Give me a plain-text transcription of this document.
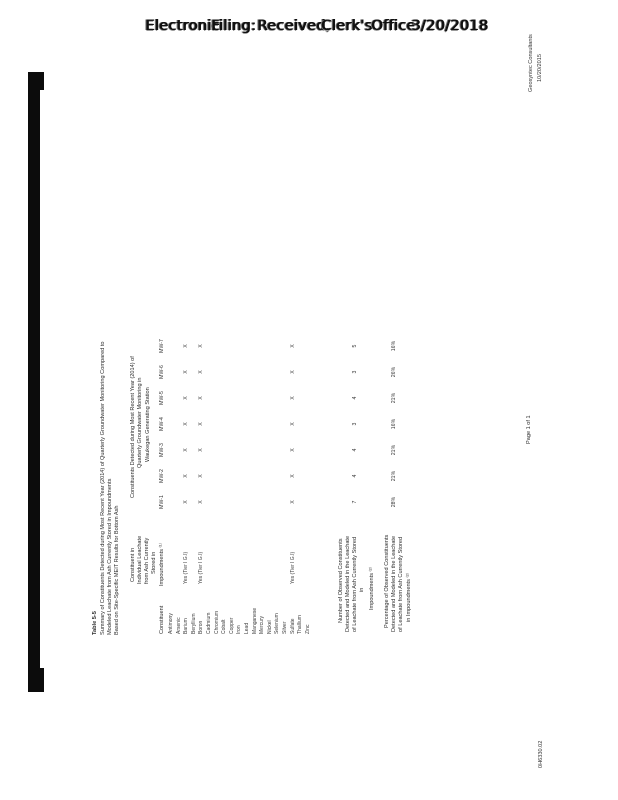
Electronic
Filing: Received,
Clerk's
Office
3/20/2018
Table 5-5 Summary of Constituents Detected during Most Recent Year (2014) of Quarterly Groundwater Monitoring Compared to Modeled Leachate from Ash Currently Stored in Impoundments Based on Site-Specific MEIT Results for Bottom Ash Constituent in Individual Leachate from Ash Currently Stored in Impoundments ⁽¹⁾
Constituents Detected during Most Recent Year (2014) of Quarterly Groundwater Monitoring in Waukegan Generating Station
Constituent
MW-1
MW-2
MW-3
MW-4
MW-5
MW-6
MW-7
Antimony Arsenic Barium
Yes (Tier I G.I)
X
X
X
X
X
X
X
Beryllium Boron
Yes (Tier I G.I)
X
X
X
X
X
X
X
Cadmium Chromium Cobalt Copper Iron Lead Manganese Mercury Nickel Selenium Silver Sulfate
Yes (Tier I G.I)
X
X
X
X
X
X
X
Thallium Zinc
Number of Observed Constituents Detected and Modeled in the Leachate of Leachate from Ash Currently Stored in Impoundments ⁽²⁾
7
4
4
3
4
3
5
Percentage of Observed Constituents Detected and Modeled in the Leachate of Leachate from Ash Currently Stored in Impoundments ⁽²⁾
28%
21%
21%
16%
21%
26%
16%
Page 1 of 1
0H6330.02
Geosyntec Consultants 10/20/2015
